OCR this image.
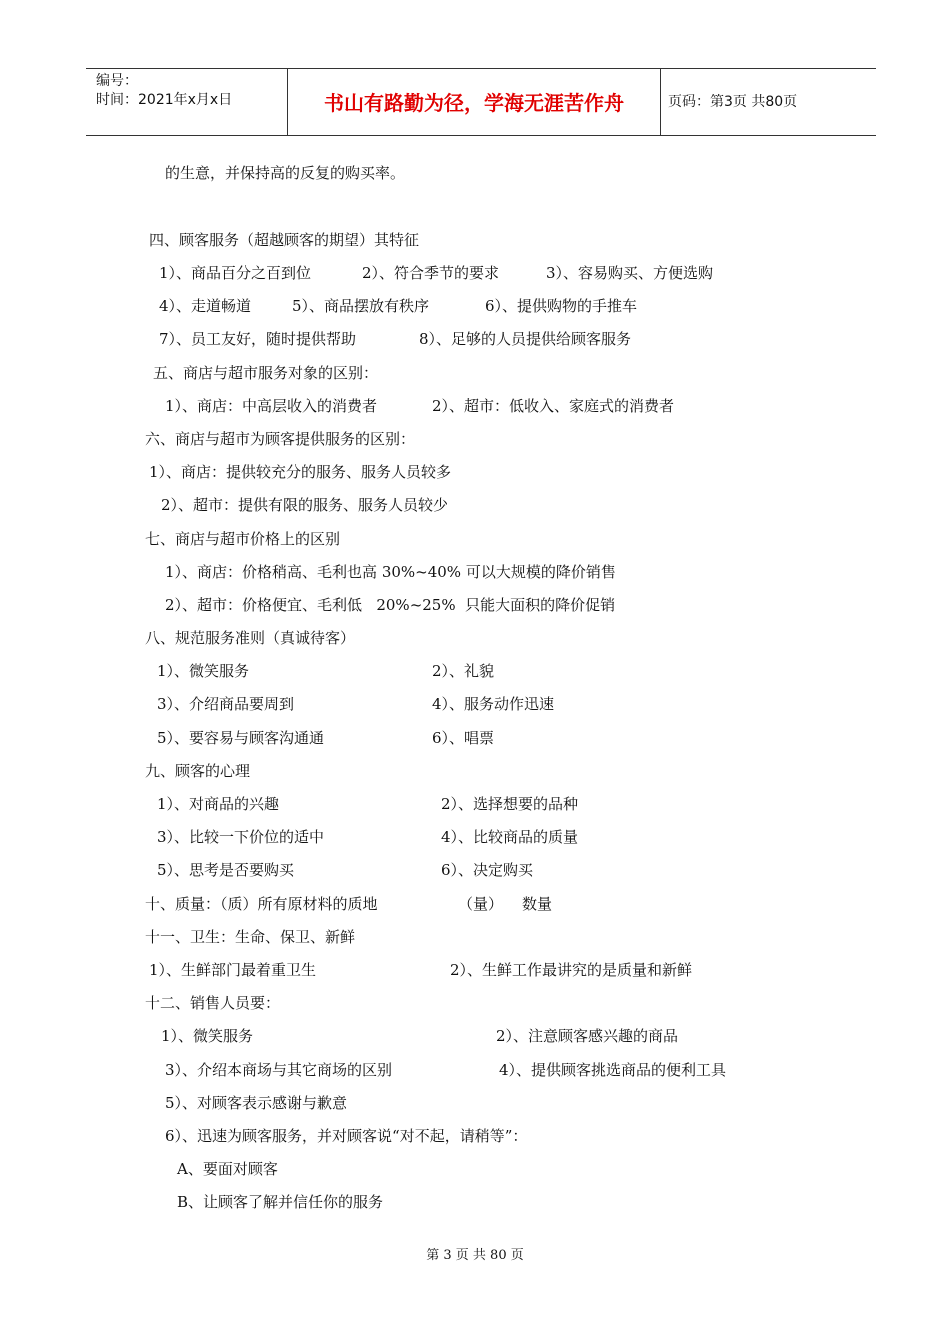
编号：
时间：2021年x月x日	书山有路勤为径，学海无涯苦作舟	页码：第3页 共80页
的生意，并保持高的反复的购买率。
四、顾客服务（超越顾客的期望）其特征
1）、商品百分之百到位	2）、符合季节的要求	3）、容易购买、方便选购
4）、走道畅道	5）、商品摆放有秩序	6）、提供购物的手推车
7）、员工友好，随时提供帮助	8）、足够的人员提供给顾客服务
五、商店与超市服务对象的区别：
1）、商店：中高层收入的消费者	2）、超市：低收入、家庭式的消费者
六、商店与超市为顾客提供服务的区别：
1）、商店：提供较充分的服务、服务人员较多
2）、超市：提供有限的服务、服务人员较少
七、商店与超市价格上的区别
1）、商店：价格稍高、毛利也高 30%~40% 可以大规模的降价销售
2）、超市：价格便宜、毛利低   20%~25%  只能大面积的降价促销
八、规范服务准则（真诚待客）
1）、微笑服务	2）、礼貌
3）、介绍商品要周到	4）、服务动作迅速
5）、要容易与顾客沟通通	6）、唱票
九、顾客的心理
1）、对商品的兴趣	2）、选择想要的品种
3）、比较一下价位的适中	4）、比较商品的质量
5）、思考是否要购买	6）、决定购买
十、质量：（质）所有原材料的质地	（量） 数量
十一、卫生：生命、保卫、新鲜
1）、生鲜部门最着重卫生	2）、生鲜工作最讲究的是质量和新鲜
十二、销售人员要：
1）、微笑服务	2）、注意顾客感兴趣的商品
3）、介绍本商场与其它商场的区别	4）、提供顾客挑选商品的便利工具
5）、对顾客表示感谢与歉意
6）、迅速为顾客服务，并对顾客说“对不起，请稍等”：
A、要面对顾客
B、让顾客了解并信任你的服务
第 3 页 共 80 页
